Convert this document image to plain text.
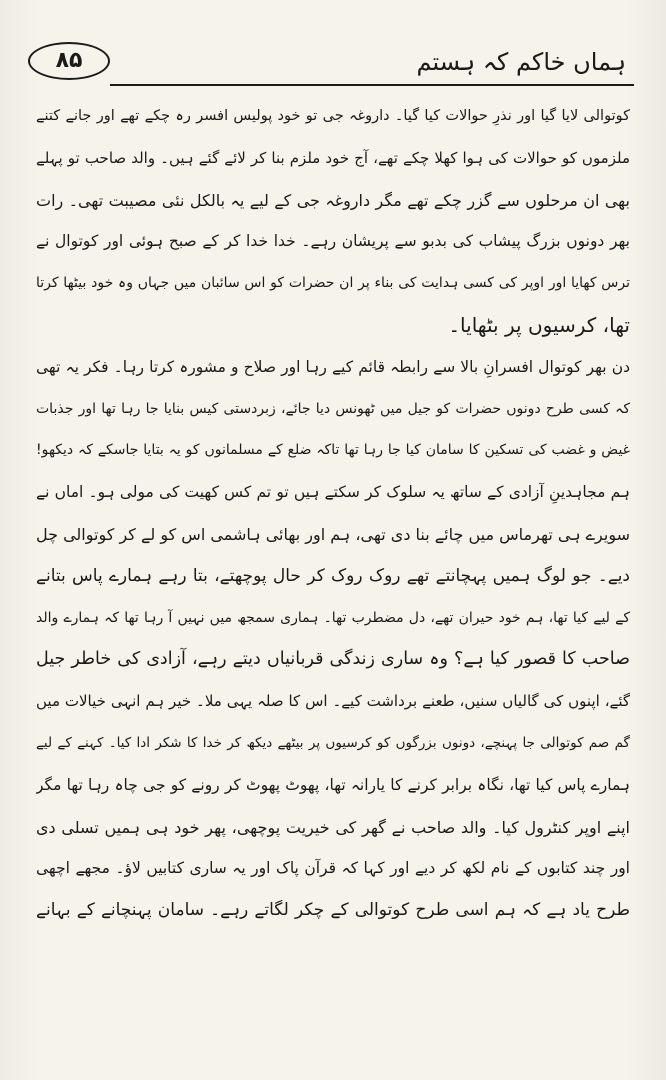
۸۵	ہماں خاکم کہ ہستم
کوتوالی لایا گیا اور نذرِ حوالات کیا گیا۔ داروغہ جی تو خود پولیس افسر رہ چکے تھے اور جانے کتنے
ملزموں کو حوالات کی ہوا کھلا چکے تھے، آج خود ملزم بنا کر لائے گئے ہیں۔ والد صاحب تو پہلے
بھی ان مرحلوں سے گزر چکے تھے مگر داروغہ جی کے لیے یہ بالکل نئی مصیبت تھی۔ رات
بھر دونوں بزرگ پیشاب کی بدبو سے پریشان رہے۔ خدا خدا کر کے صبح ہوئی اور کوتوال نے
ترس کھایا اور اوپر کی کسی ہدایت کی بناء پر ان حضرات کو اس سائبان میں جہاں وہ خود بیٹھا کرتا
تھا، کرسیوں پر بٹھایا۔
دن بھر کوتوال افسرانِ بالا سے رابطہ قائم کیے رہا اور صلاح و مشورہ کرتا رہا۔ فکر یہ تھی
کہ کسی طرح دونوں حضرات کو جیل میں ٹھونس دیا جائے، زبردستی کیس بنایا جا رہا تھا اور جذبات
غیض و غضب کی تسکین کا سامان کیا جا رہا تھا تاکہ ضلع کے مسلمانوں کو یہ بتایا جاسکے کہ دیکھو!
ہم مجاہدینِ آزادی کے ساتھ یہ سلوک کر سکتے ہیں تو تم کس کھیت کی مولی ہو۔ اماں نے
سویرے ہی تھرماس میں چائے بنا دی تھی، ہم اور بھائی ہاشمی اس کو لے کر کوتوالی چل
دیے۔ جو لوگ ہمیں پہچانتے تھے روک روک کر حال پوچھتے، بتا رہے ہمارے پاس بتانے
کے لیے کیا تھا، ہم خود حیران تھے، دل مضطرب تھا۔ ہماری سمجھ میں نہیں آ رہا تھا کہ ہمارے والد
صاحب کا قصور کیا ہے؟ وہ ساری زندگی قربانیاں دیتے رہے، آزادی کی خاطر جیل
گئے، اپنوں کی گالیاں سنیں، طعنے برداشت کیے۔ اس کا صلہ یہی ملا۔ خیر ہم انہی خیالات میں
گم صم کوتوالی جا پہنچے، دونوں بزرگوں کو کرسیوں پر بیٹھے دیکھ کر خدا کا شکر ادا کیا۔ کہنے کے لیے
ہمارے پاس کیا تھا، نگاہ برابر کرنے کا یارانہ تھا، پھوٹ پھوٹ کر رونے کو جی چاہ رہا تھا مگر
اپنے اوپر کنٹرول کیا۔ والد صاحب نے گھر کی خیریت پوچھی، پھر خود ہی ہمیں تسلی دی
اور چند کتابوں کے نام لکھ کر دیے اور کہا کہ قرآن پاک اور یہ ساری کتابیں لاؤ۔ مجھے اچھی
طرح یاد ہے کہ ہم اسی طرح کوتوالی کے چکر لگاتے رہے۔ سامان پہنچانے کے بہانے
